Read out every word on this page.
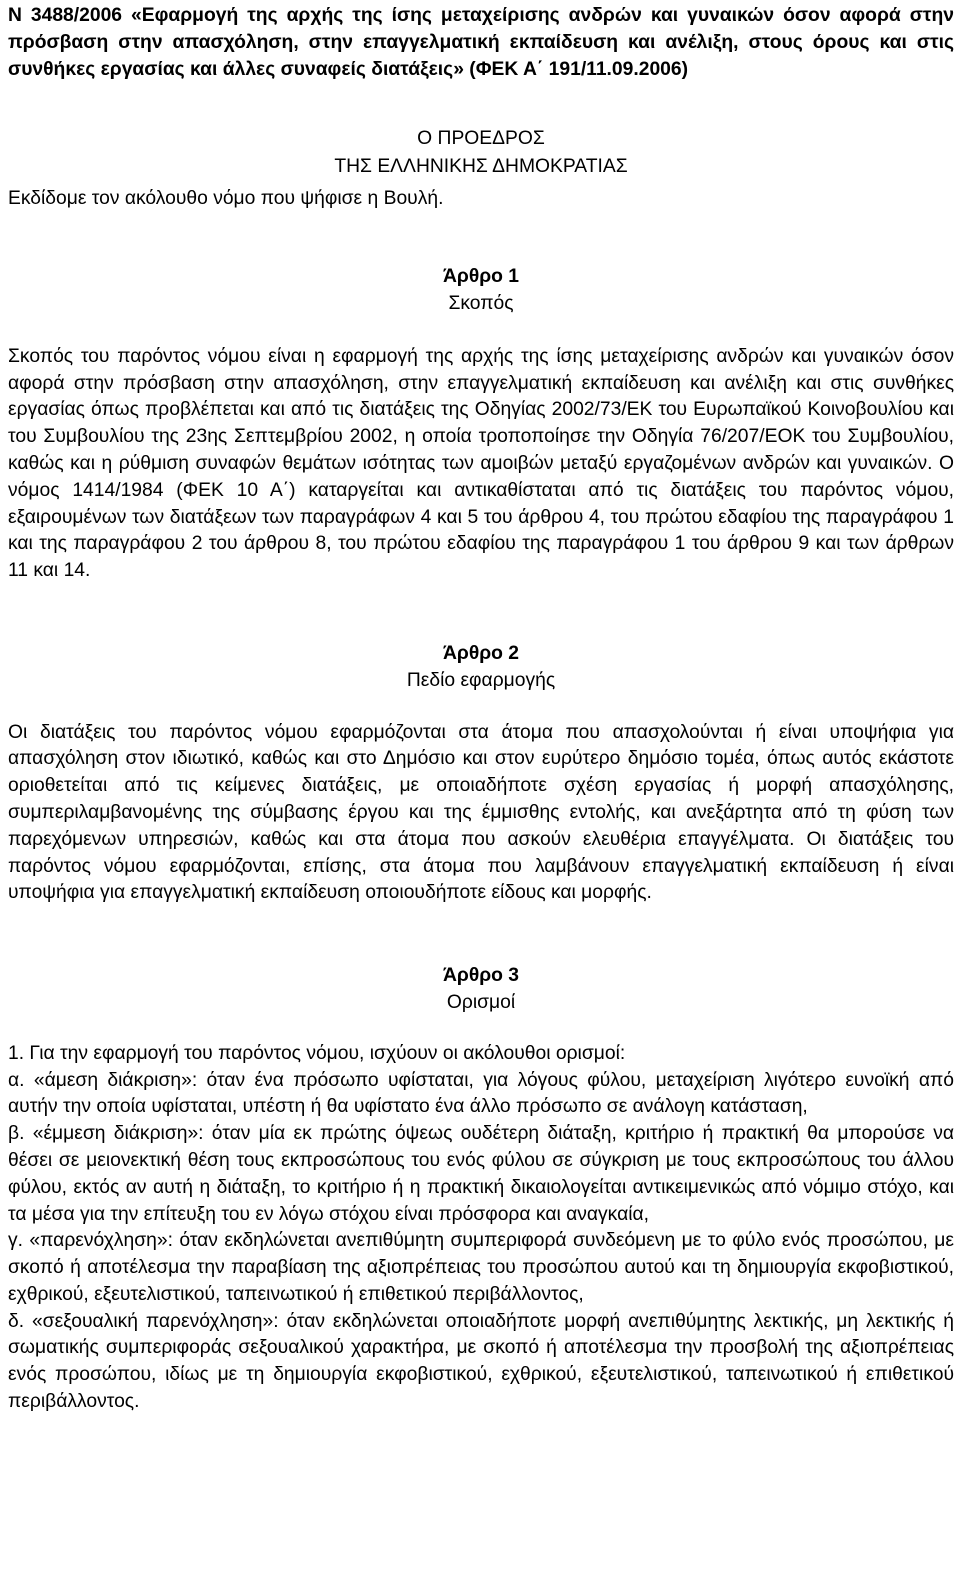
Ν 3488/2006 «Εφαρμογή της αρχής της ίσης μεταχείρισης ανδρών και γυναικών όσον αφορά στην πρόσβαση στην απασχόληση, στην επαγγελματική εκπαίδευση και ανέλιξη, στους όρους και στις συνθήκες εργασίας και άλλες συναφείς διατάξεις» (ΦΕΚ Α΄ 191/11.09.2006)

Ο ΠΡΟΕΔΡΟΣ
ΤΗΣ ΕΛΛΗΝΙΚΗΣ ΔΗΜΟΚΡΑΤΙΑΣ

Εκδίδομε τον ακόλουθο νόμο που ψήφισε η Βουλή.

Άρθρο 1
Σκοπός

Σκοπός του παρόντος νόμου είναι η εφαρμογή της αρχής της ίσης μεταχείρισης ανδρών και γυναικών όσον αφορά στην πρόσβαση στην απασχόληση, στην επαγγελματική εκπαίδευση και ανέλιξη και στις συνθήκες εργασίας όπως προβλέπεται και από τις διατάξεις της Οδηγίας 2002/73/ΕΚ του Ευρωπαϊκού Κοινοβουλίου και του Συμβουλίου της 23ης Σεπτεμβρίου 2002, η οποία τροποποίησε την Οδηγία 76/207/ΕΟΚ του Συμβουλίου, καθώς και η ρύθμιση συναφών θεμάτων ισότητας των αμοιβών μεταξύ εργαζομένων ανδρών και γυναικών. Ο νόμος 1414/1984 (ΦΕΚ 10 Α΄) καταργείται και αντικαθίσταται από τις διατάξεις του παρόντος νόμου, εξαιρουμένων των διατάξεων των παραγράφων 4 και 5 του άρθρου 4, του πρώτου εδαφίου της παραγράφου 1 και της παραγράφου 2 του άρθρου 8, του πρώτου εδαφίου της παραγράφου 1 του άρθρου 9 και των άρθρων 11 και 14.

Άρθρο 2
Πεδίο εφαρμογής

Οι διατάξεις του παρόντος νόμου εφαρμόζονται στα άτομα που απασχολούνται ή είναι υποψήφια για απασχόληση στον ιδιωτικό, καθώς και στο Δημόσιο και στον ευρύτερο δημόσιο τομέα, όπως αυτός εκάστοτε οριοθετείται από τις κείμενες διατάξεις, με οποιαδήποτε σχέση εργασίας ή μορφή απασχόλησης, συμπεριλαμβανομένης της σύμβασης έργου και της έμμισθης εντολής, και ανεξάρτητα από τη φύση των παρεχόμενων υπηρεσιών, καθώς και στα άτομα που ασκούν ελευθέρια επαγγέλματα. Οι διατάξεις του παρόντος νόμου εφαρμόζονται, επίσης, στα άτομα που λαμβάνουν επαγγελματική εκπαίδευση ή είναι υποψήφια για επαγγελματική εκπαίδευση οποιουδήποτε είδους και μορφής.

Άρθρο 3
Ορισμοί

1. Για την εφαρμογή του παρόντος νόμου, ισχύουν οι ακόλουθοι ορισμοί:

α. «άμεση διάκριση»: όταν ένα πρόσωπο υφίσταται, για λόγους φύλου, μεταχείριση λιγότερο ευνοϊκή από αυτήν την οποία υφίσταται, υπέστη ή θα υφίστατο ένα άλλο πρόσωπο σε ανάλογη κατάσταση,

β. «έμμεση διάκριση»: όταν μία εκ πρώτης όψεως ουδέτερη διάταξη, κριτήριο ή πρακτική θα μπορούσε να θέσει σε μειονεκτική θέση τους εκπροσώπους του ενός φύλου σε σύγκριση με τους εκπροσώπους του άλλου φύλου, εκτός αν αυτή η διάταξη, το κριτήριο ή η πρακτική δικαιολογείται αντικειμενικώς από νόμιμο στόχο, και τα μέσα για την επίτευξη του εν λόγω στόχου είναι πρόσφορα και αναγκαία,

γ. «παρενόχληση»: όταν εκδηλώνεται ανεπιθύμητη συμπεριφορά συνδεόμενη με το φύλο ενός προσώπου, με σκοπό ή αποτέλεσμα την παραβίαση της αξιοπρέπειας του προσώπου αυτού και τη δημιουργία εκφοβιστικού, εχθρικού, εξευτελιστικού, ταπεινωτικού ή επιθετικού περιβάλλοντος,

δ. «σεξουαλική παρενόχληση»: όταν εκδηλώνεται οποιαδήποτε μορφή ανεπιθύμητης λεκτικής, μη λεκτικής ή σωματικής συμπεριφοράς σεξουαλικού χαρακτήρα, με σκοπό ή αποτέλεσμα την προσβολή της αξιοπρέπειας ενός προσώπου, ιδίως με τη δημιουργία εκφοβιστικού, εχθρικού, εξευτελιστικού, ταπεινωτικού ή επιθετικού περιβάλλοντος.
